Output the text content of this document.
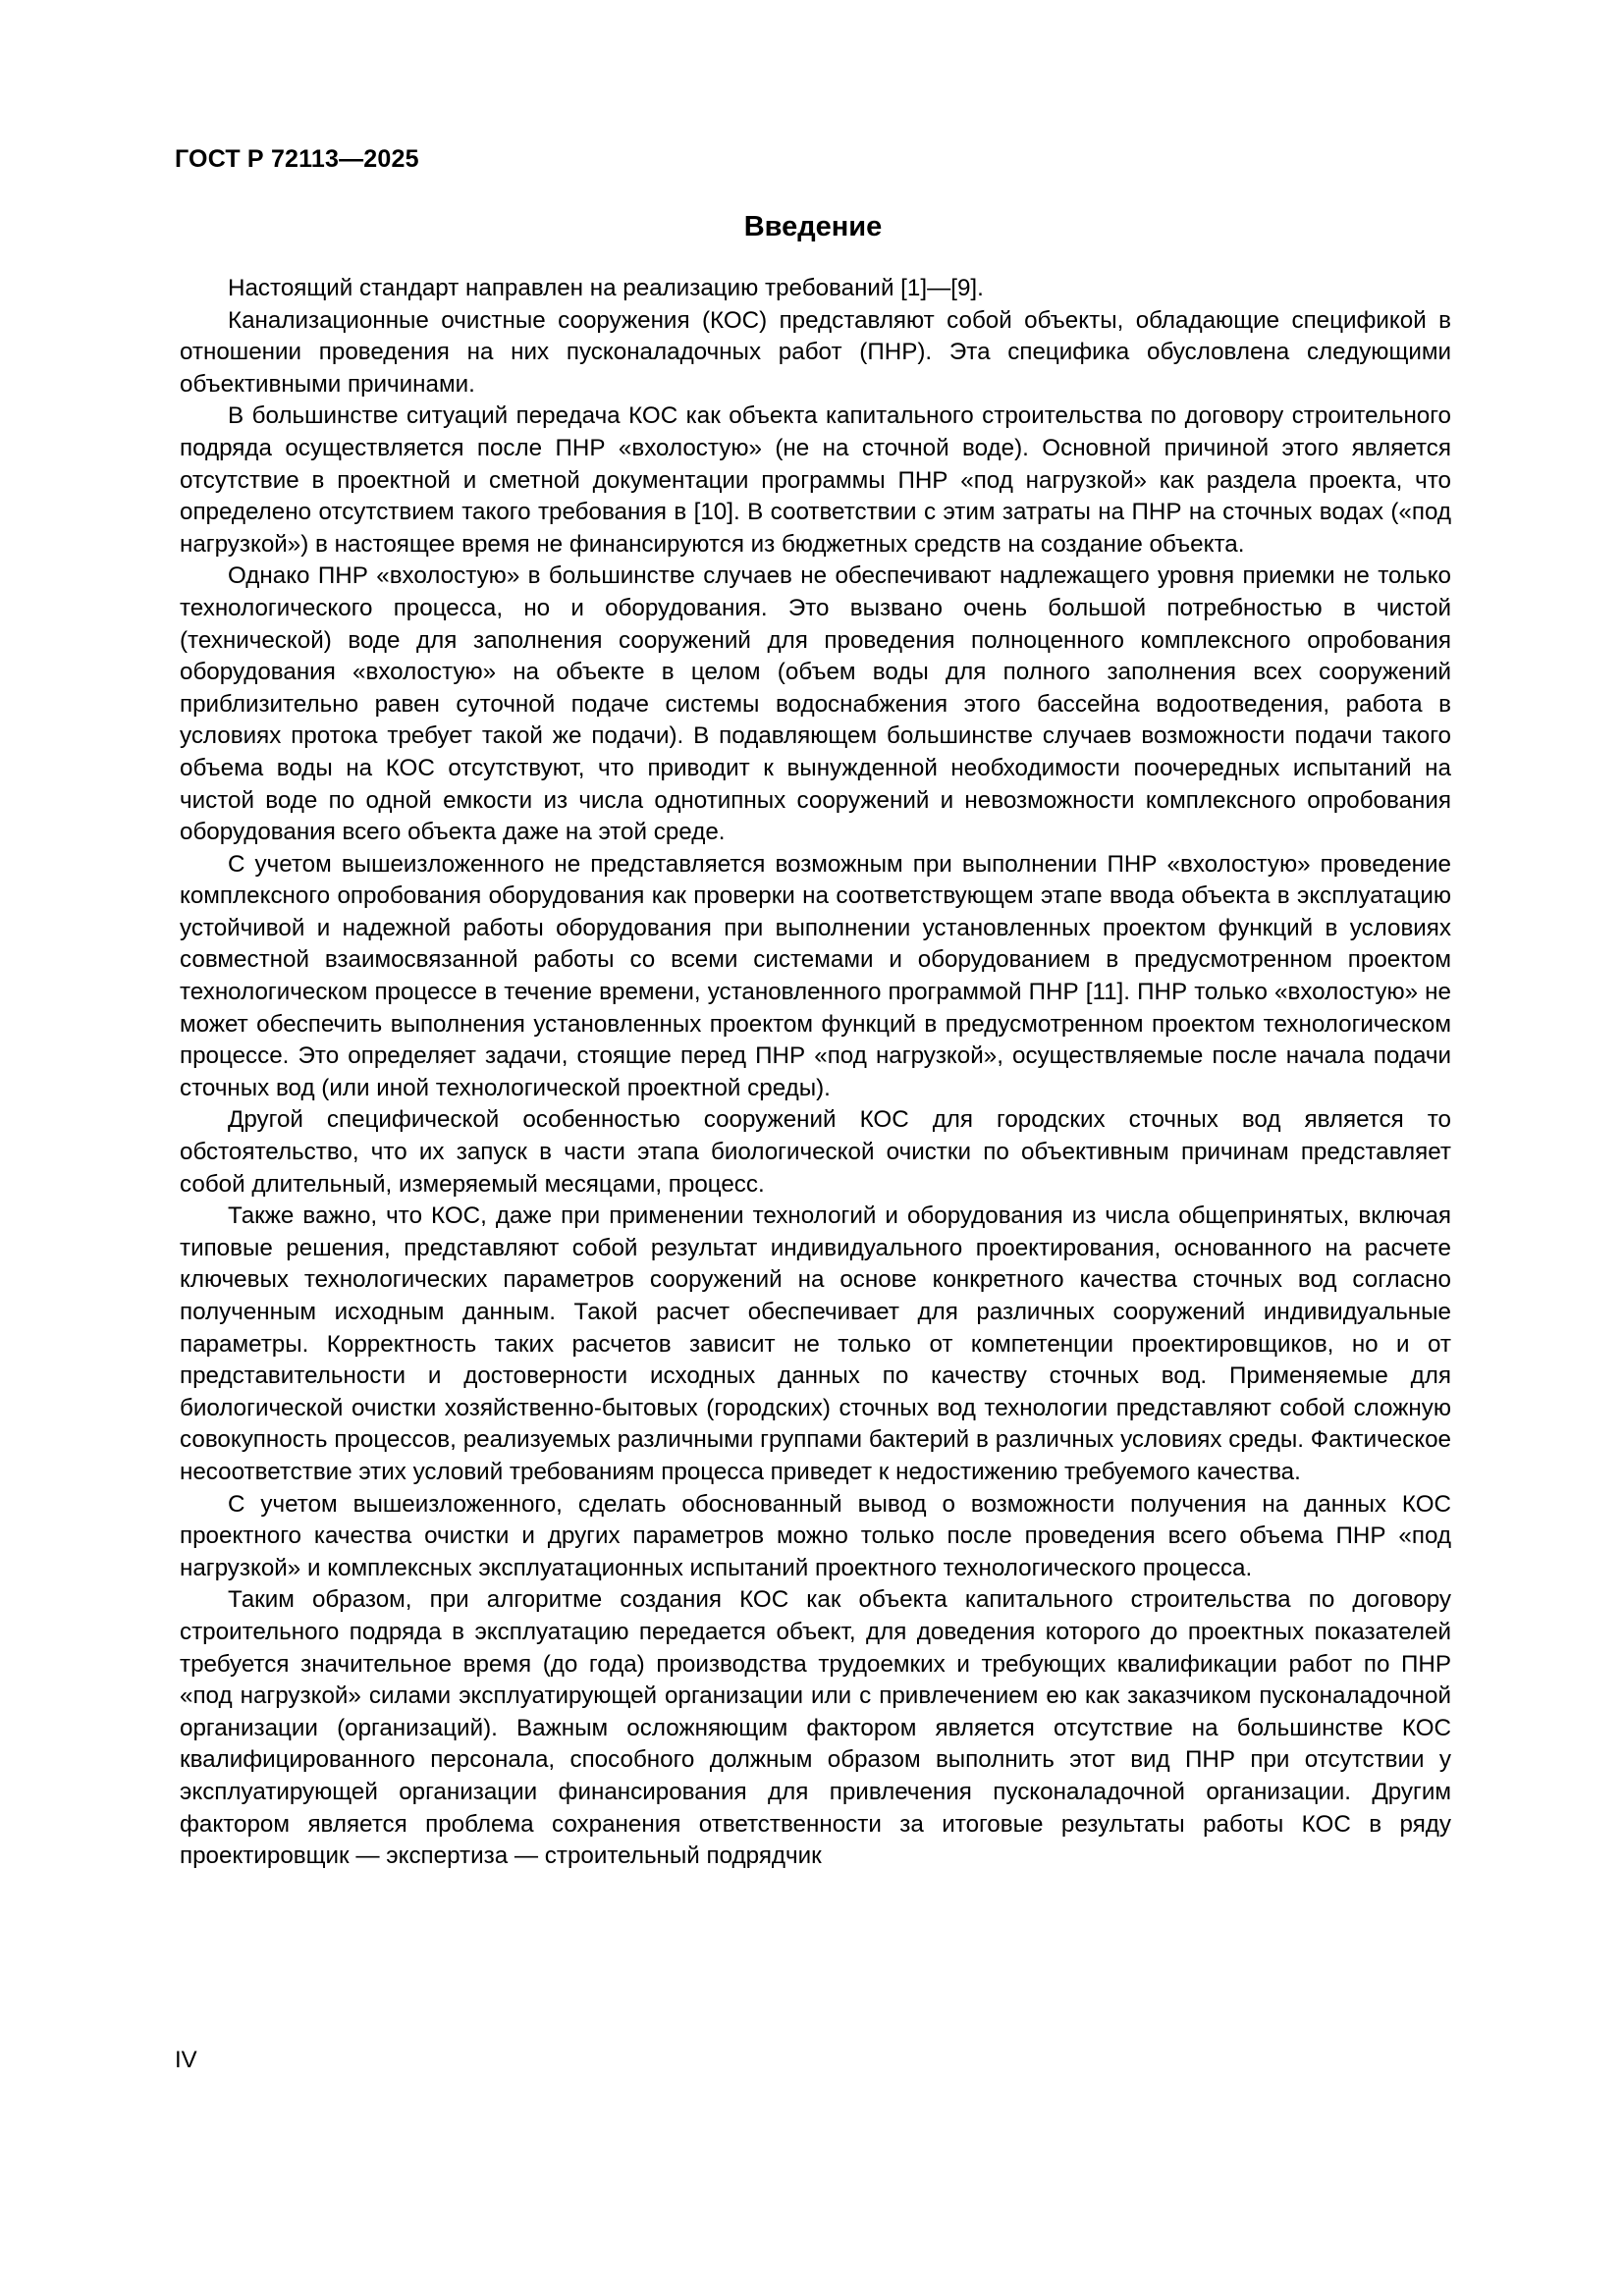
ГОСТ Р 72113—2025
Введение

Настоящий стандарт направлен на реализацию требований [1]—[9].

Канализационные очистные сооружения (КОС) представляют собой объекты, обладающие спецификой в отношении проведения на них пусконаладочных работ (ПНР). Эта специфика обусловлена следующими объективными причинами.

В большинстве ситуаций передача КОС как объекта капитального строительства по договору строительного подряда осуществляется после ПНР «вхолостую» (не на сточной воде). Основной причиной этого является отсутствие в проектной и сметной документации программы ПНР «под нагрузкой» как раздела проекта, что определено отсутствием такого требования в [10]. В соответствии с этим затраты на ПНР на сточных водах («под нагрузкой») в настоящее время не финансируются из бюджетных средств на создание объекта.

Однако ПНР «вхолостую» в большинстве случаев не обеспечивают надлежащего уровня приемки не только технологического процесса, но и оборудования. Это вызвано очень большой потребностью в чистой (технической) воде для заполнения сооружений для проведения полноценного комплексного опробования оборудования «вхолостую» на объекте в целом (объем воды для полного заполнения всех сооружений приблизительно равен суточной подаче системы водоснабжения этого бассейна водоотведения, работа в условиях протока требует такой же подачи). В подавляющем большинстве случаев возможности подачи такого объема воды на КОС отсутствуют, что приводит к вынужденной необходимости поочередных испытаний на чистой воде по одной емкости из числа однотипных сооружений и невозможности комплексного опробования оборудования всего объекта даже на этой среде.

С учетом вышеизложенного не представляется возможным при выполнении ПНР «вхолостую» проведение комплексного опробования оборудования как проверки на соответствующем этапе ввода объекта в эксплуатацию устойчивой и надежной работы оборудования при выполнении установленных проектом функций в условиях совместной взаимосвязанной работы со всеми системами и оборудованием в предусмотренном проектом технологическом процессе в течение времени, установленного программой ПНР [11]. ПНР только «вхолостую» не может обеспечить выполнения установленных проектом функций в предусмотренном проектом технологическом процессе. Это определяет задачи, стоящие перед ПНР «под нагрузкой», осуществляемые после начала подачи сточных вод (или иной технологической проектной среды).

Другой специфической особенностью сооружений КОС для городских сточных вод является то обстоятельство, что их запуск в части этапа биологической очистки по объективным причинам представляет собой длительный, измеряемый месяцами, процесс.

Также важно, что КОС, даже при применении технологий и оборудования из числа общепринятых, включая типовые решения, представляют собой результат индивидуального проектирования, основанного на расчете ключевых технологических параметров сооружений на основе конкретного качества сточных вод согласно полученным исходным данным. Такой расчет обеспечивает для различных сооружений индивидуальные параметры. Корректность таких расчетов зависит не только от компетенции проектировщиков, но и от представительности и достоверности исходных данных по качеству сточных вод. Применяемые для биологической очистки хозяйственно-бытовых (городских) сточных вод технологии представляют собой сложную совокупность процессов, реализуемых различными группами бактерий в различных условиях среды. Фактическое несоответствие этих условий требованиям процесса приведет к недостижению требуемого качества.

С учетом вышеизложенного, сделать обоснованный вывод о возможности получения на данных КОС проектного качества очистки и других параметров можно только после проведения всего объема ПНР «под нагрузкой» и комплексных эксплуатационных испытаний проектного технологического процесса.

Таким образом, при алгоритме создания КОС как объекта капитального строительства по договору строительного подряда в эксплуатацию передается объект, для доведения которого до проектных показателей требуется значительное время (до года) производства трудоемких и требующих квалификации работ по ПНР «под нагрузкой» силами эксплуатирующей организации или с привлечением ею как заказчиком пусконаладочной организации (организаций). Важным осложняющим фактором является отсутствие на большинстве КОС квалифицированного персонала, способного должным образом выполнить этот вид ПНР при отсутствии у эксплуатирующей организации финансирования для привлечения пусконаладочной организации. Другим фактором является проблема сохранения ответственности за итоговые результаты работы КОС в ряду проектировщик — экспертиза — строительный подрядчик

IV
